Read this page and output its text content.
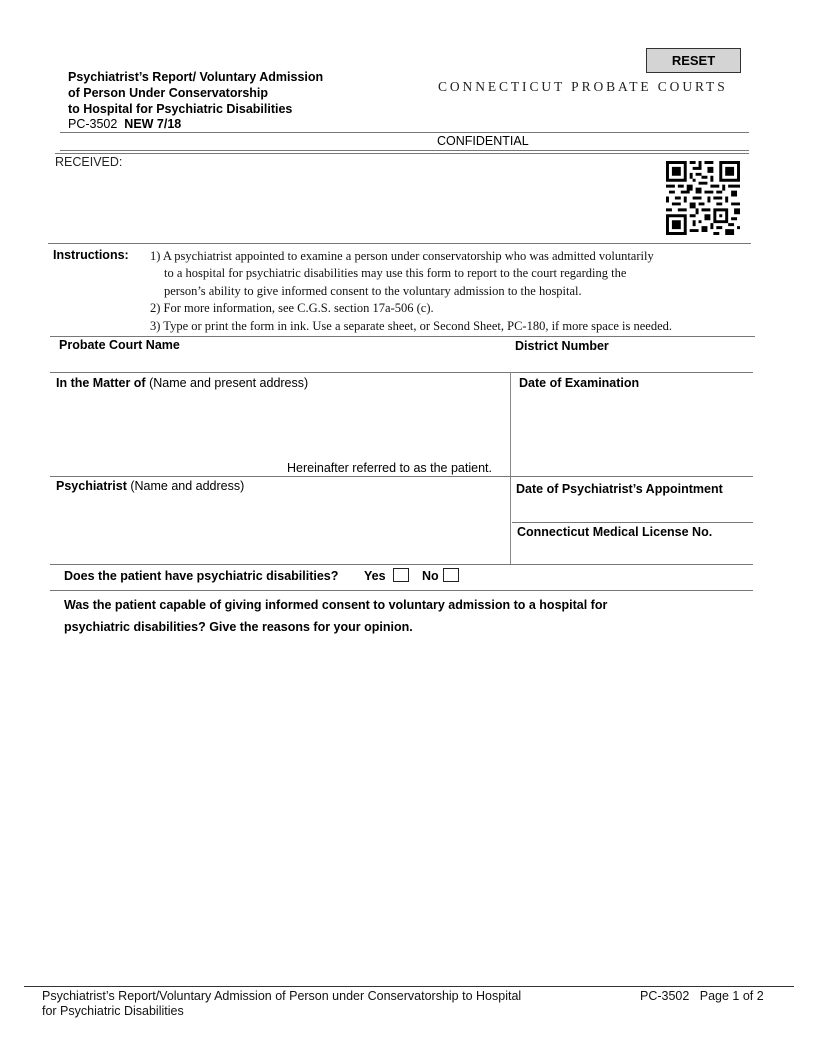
Psychiatrist’s Report/ Voluntary Admission
of Person Under Conservatorship
to Hospital for Psychiatric Disabilities
PC-3502 NEW 7/18
RESET
CONNECTICUT PROBATE COURTS
CONFIDENTIAL
RECEIVED:
Instructions: 1) A psychiatrist appointed to examine a person under conservatorship who was admitted voluntarily
to a hospital for psychiatric disabilities may use this form to report to the court regarding the
person’s ability to give informed consent to the voluntary admission to the hospital.
2) For more information, see C.G.S. section 17a-506 (c).
3) Type or print the form in ink. Use a separate sheet, or Second Sheet, PC-180, if more space is needed.
Probate Court Name	District Number
In the Matter of (Name and present address)
Hereinafter referred to as the patient.
Date of Examination
Psychiatrist (Name and address)	Date of Psychiatrist’s Appointment
Connecticut Medical License No.
Does the patient have psychiatric disabilities? Yes	No
Was the patient capable of giving informed consent to voluntary admission to a hospital for
psychiatric disabilities? Give the reasons for your opinion.
Psychiatrist’s Report/Voluntary Admission of Person under Conservatorship to Hospital
for Psychiatric Disabilities
PC-3502 Page 1 of 2
